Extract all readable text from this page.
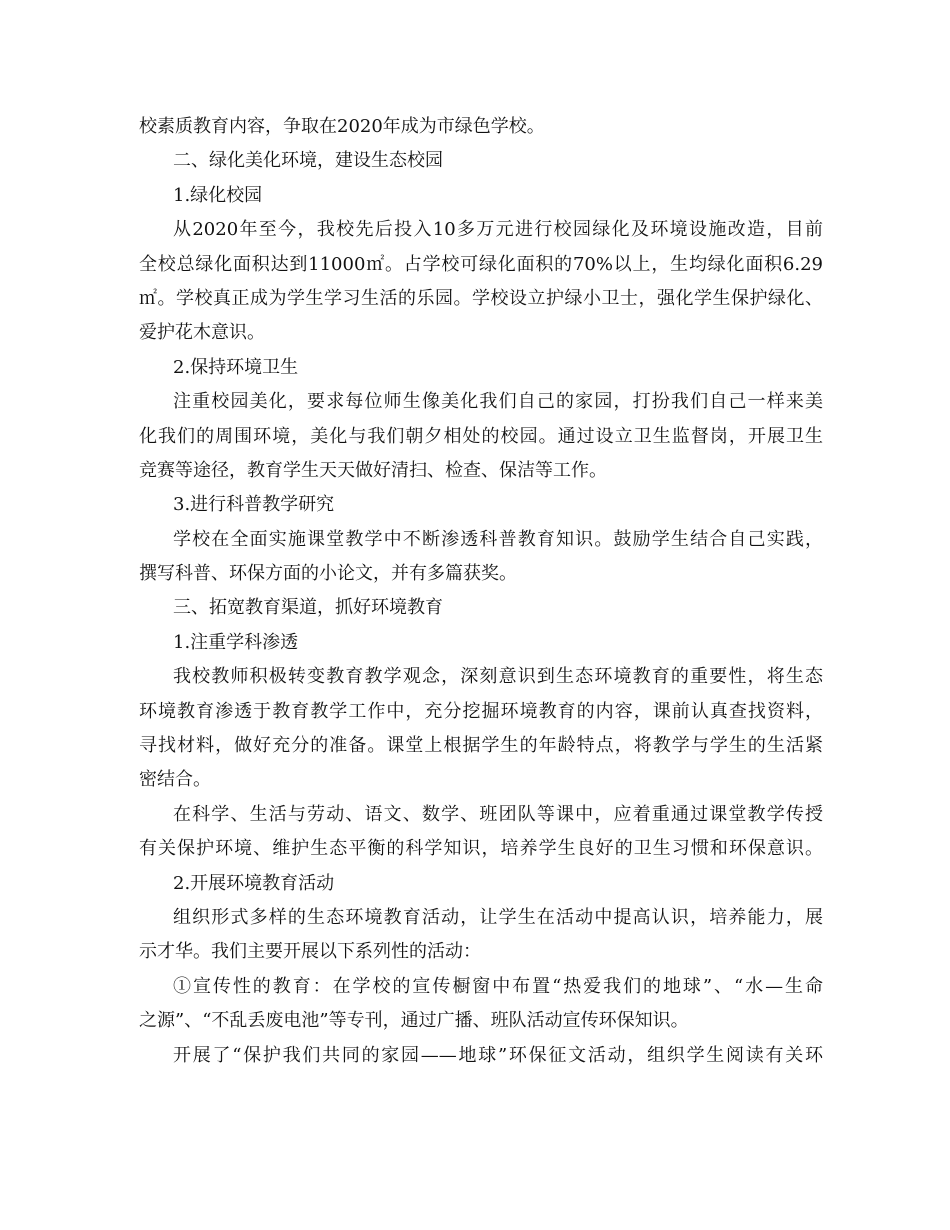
校素质教育内容，争取在2020年成为市绿色学校。
二、绿化美化环境，建设生态校园
1.绿化校园
从2020年至今，我校先后投入10多万元进行校园绿化及环境设施改造，目前
全校总绿化面积达到11000㎡。占学校可绿化面积的70%以上，生均绿化面积6.29
㎡。学校真正成为学生学习生活的乐园。学校设立护绿小卫士，强化学生保护绿化、
爱护花木意识。
2.保持环境卫生
注重校园美化，要求每位师生像美化我们自己的家园，打扮我们自己一样来美
化我们的周围环境，美化与我们朝夕相处的校园。通过设立卫生监督岗，开展卫生
竞赛等途径，教育学生天天做好清扫、检查、保洁等工作。
3.进行科普教学研究
学校在全面实施课堂教学中不断渗透科普教育知识。鼓励学生结合自己实践，
撰写科普、环保方面的小论文，并有多篇获奖。
三、拓宽教育渠道，抓好环境教育
1.注重学科渗透
我校教师积极转变教育教学观念，深刻意识到生态环境教育的重要性，将生态
环境教育渗透于教育教学工作中，充分挖掘环境教育的内容，课前认真查找资料，
寻找材料，做好充分的准备。课堂上根据学生的年龄特点，将教学与学生的生活紧
密结合。
在科学、生活与劳动、语文、数学、班团队等课中，应着重通过课堂教学传授
有关保护环境、维护生态平衡的科学知识，培养学生良好的卫生习惯和环保意识。
2.开展环境教育活动
组织形式多样的生态环境教育活动，让学生在活动中提高认识，培养能力，展
示才华。我们主要开展以下系列性的活动：
①宣传性的教育：在学校的宣传橱窗中布置“热爱我们的地球”、“水—生命
之源”、“不乱丢废电池”等专刊，通过广播、班队活动宣传环保知识。
开展了“保护我们共同的家园——地球”环保征文活动，组织学生阅读有关环
